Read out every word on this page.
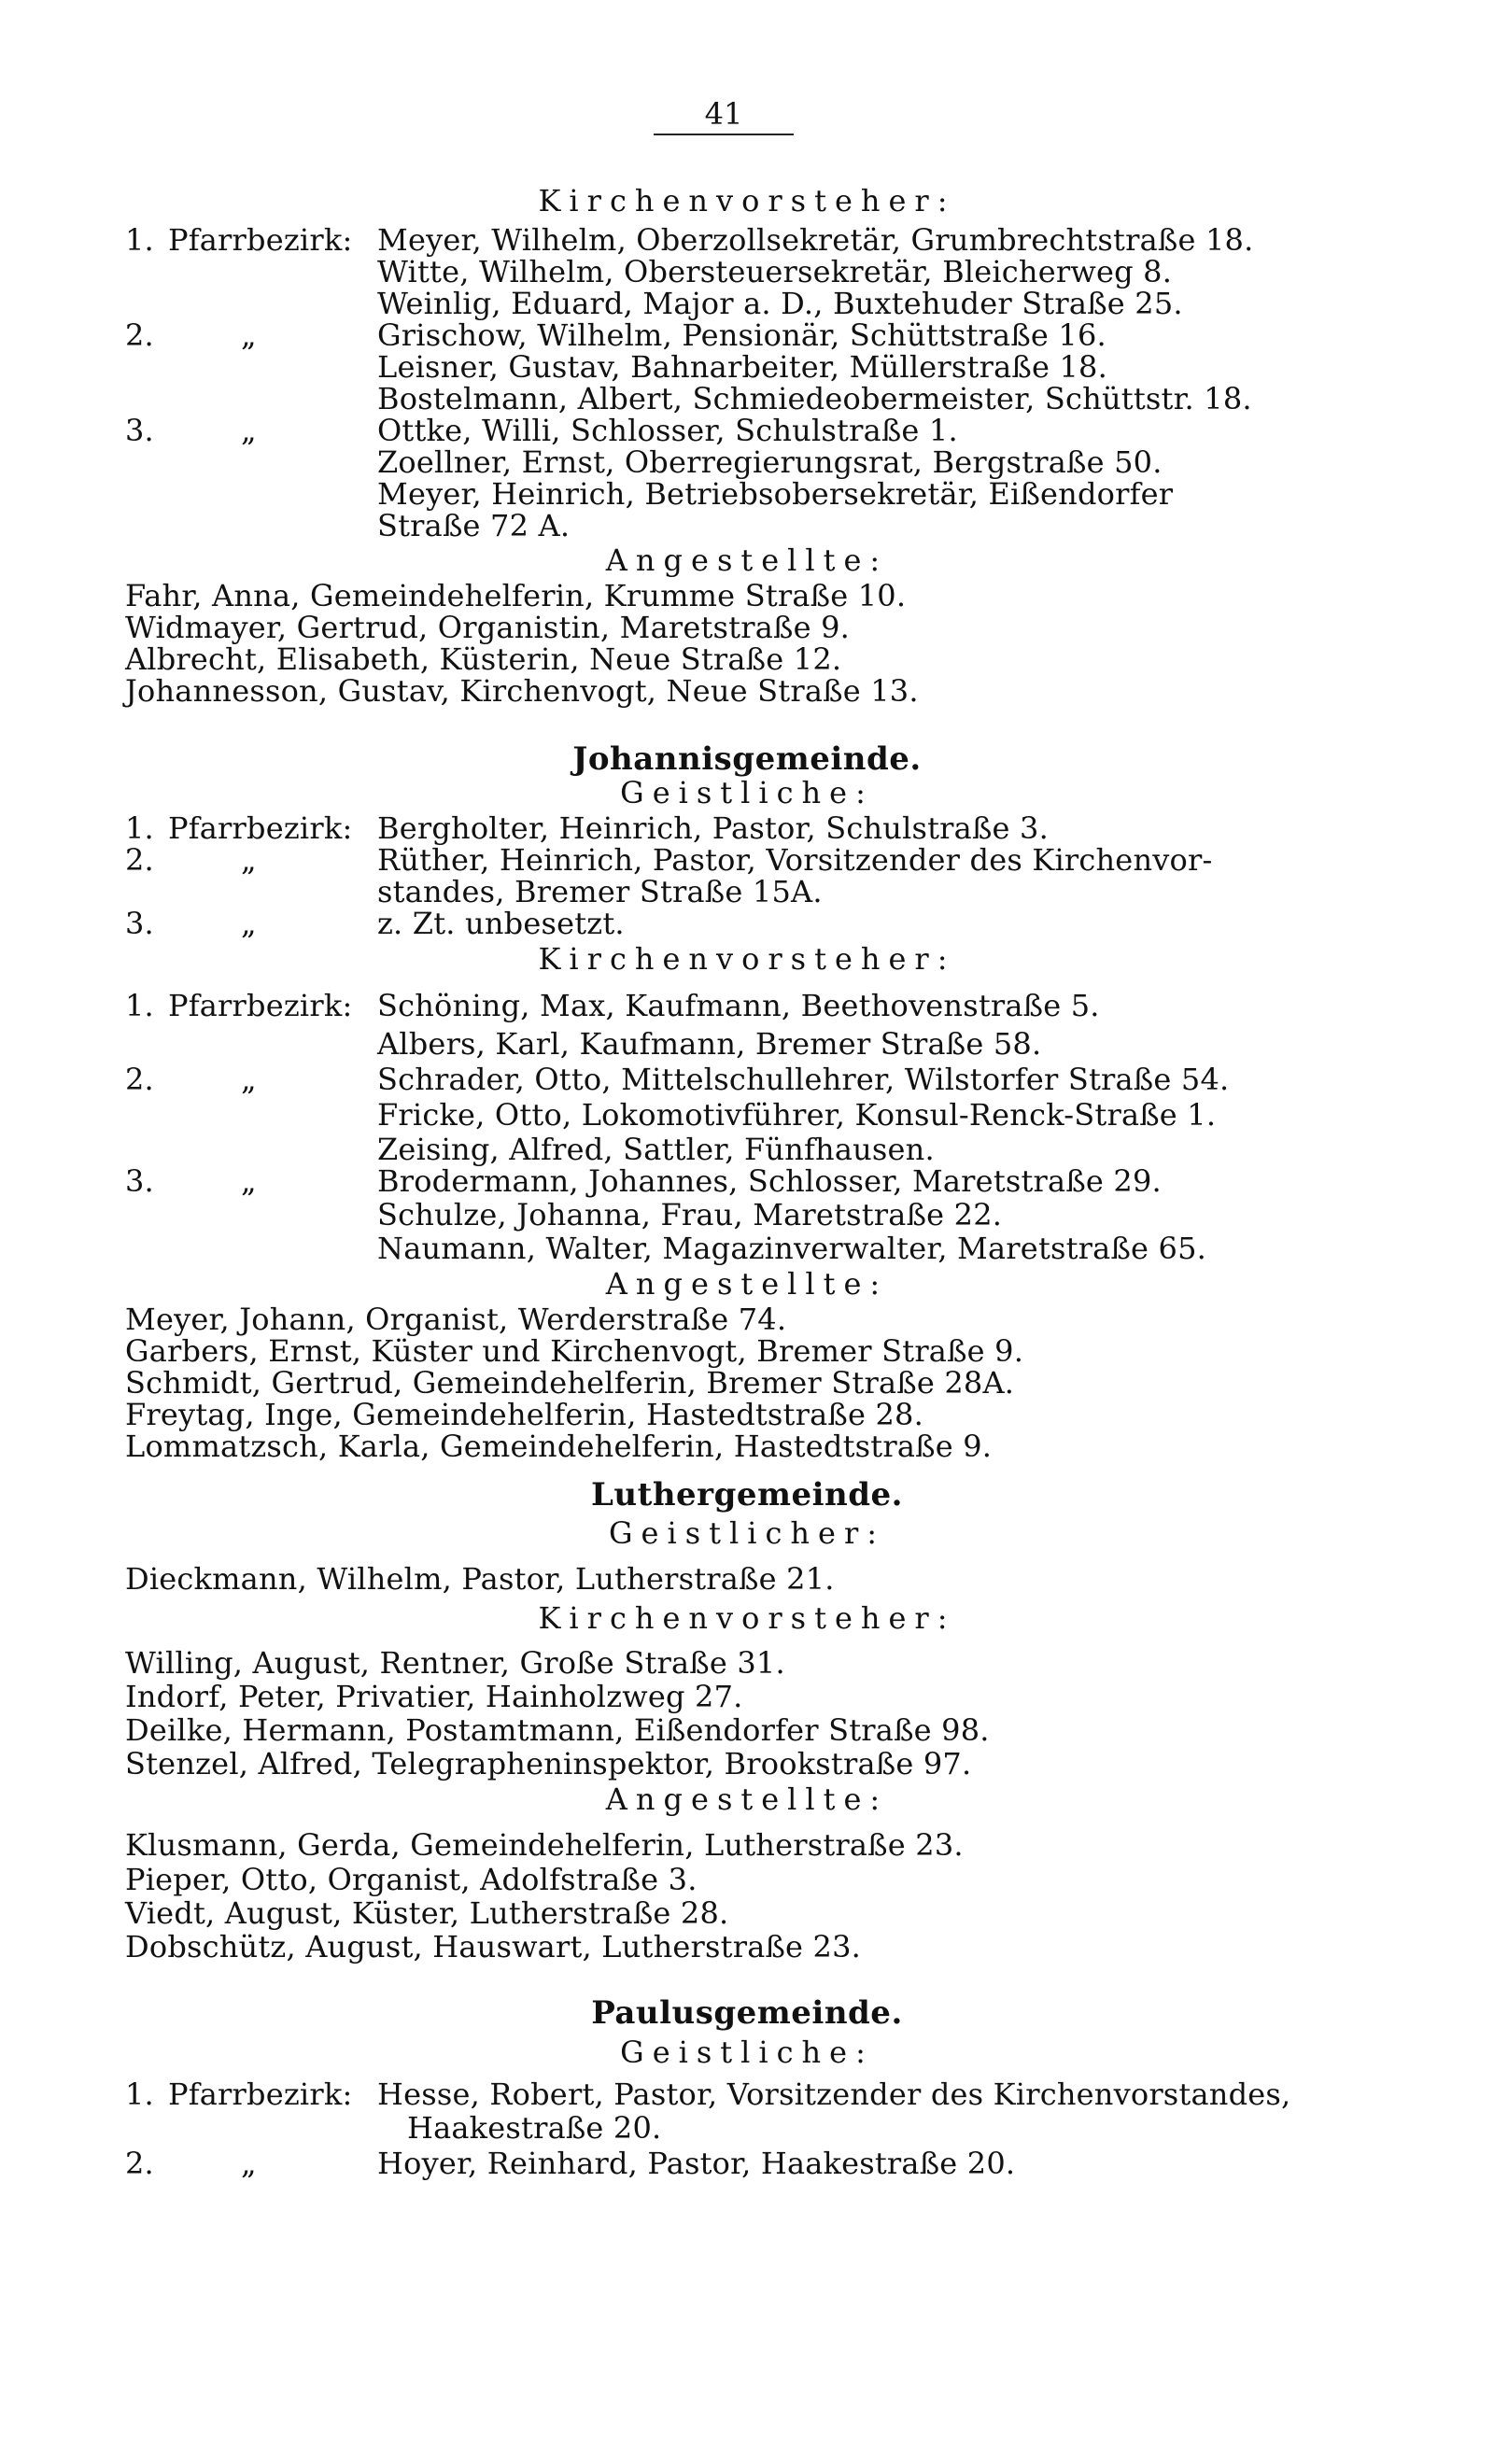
41
Kirchenvorsteher:
1. Pfarrbezirk: Meyer, Wilhelm, Oberzollsekretär, Grumbrechtstraße 18.
Witte, Wilhelm, Obersteuersekretär, Bleicherweg 8.
Weinlig, Eduard, Major a. D., Buxtehuder Straße 25.
2.	„	Grischow, Wilhelm, Pensionär, Schüttstraße 16.
Leisner, Gustav, Bahnarbeiter, Müllerstraße 18.
Bostelmann, Albert, Schmiedeobermeister, Schüttstr. 18.
3.	„	Ottke, Willi, Schlosser, Schulstraße 1.
Zoellner, Ernst, Oberregierungsrat, Bergstraße 50.
Meyer, Heinrich, Betriebsobersekretär, Eißendorfer
Straße 72 A.
Angestellte:
Fahr, Anna, Gemeindehelferin, Krumme Straße 10.
Widmayer, Gertrud, Organistin, Maretstraße 9.
Albrecht, Elisabeth, Küsterin, Neue Straße 12.
Johannesson, Gustav, Kirchenvogt, Neue Straße 13.
Johannisgemeinde.
Geistliche:
1. Pfarrbezirk: Bergholter, Heinrich, Pastor, Schulstraße 3.
2.	„	Rüther, Heinrich, Pastor, Vorsitzender des Kirchenvor-
standes, Bremer Straße 15A.
3.	„	z. Zt. unbesetzt.
Kirchenvorsteher:
1. Pfarrbezirk: Schöning, Max, Kaufmann, Beethovenstraße 5.
Albers, Karl, Kaufmann, Bremer Straße 58.
2.	„	Schrader, Otto, Mittelschullehrer, Wilstorfer Straße 54.
Fricke, Otto, Lokomotivführer, Konsul-Renck-Straße 1.
Zeising, Alfred, Sattler, Fünfhausen.
3.	„	Brodermann, Johannes, Schlosser, Maretstraße 29.
Schulze, Johanna, Frau, Maretstraße 22.
Naumann, Walter, Magazinverwalter, Maretstraße 65.
Angestellte:
Meyer, Johann, Organist, Werderstraße 74.
Garbers, Ernst, Küster und Kirchenvogt, Bremer Straße 9.
Schmidt, Gertrud, Gemeindehelferin, Bremer Straße 28A.
Freytag, Inge, Gemeindehelferin, Hastedtstraße 28.
Lommatzsch, Karla, Gemeindehelferin, Hastedtstraße 9.
Luthergemeinde.
Geistlicher:
Dieckmann, Wilhelm, Pastor, Lutherstraße 21.
Kirchenvorsteher:
Willing, August, Rentner, Große Straße 31.
Indorf, Peter, Privatier, Hainholzweg 27.
Deilke, Hermann, Postamtmann, Eißendorfer Straße 98.
Stenzel, Alfred, Telegrapheninspektor, Brookstraße 97.
Angestellte:
Klusmann, Gerda, Gemeindehelferin, Lutherstraße 23.
Pieper, Otto, Organist, Adolfstraße 3.
Viedt, August, Küster, Lutherstraße 28.
Dobschütz, August, Hauswart, Lutherstraße 23.
Paulusgemeinde.
Geistliche:
1. Pfarrbezirk: Hesse, Robert, Pastor, Vorsitzender des Kirchenvorstandes,
Haakestraße 20.
2.	„	Hoyer, Reinhard, Pastor, Haakestraße 20.
